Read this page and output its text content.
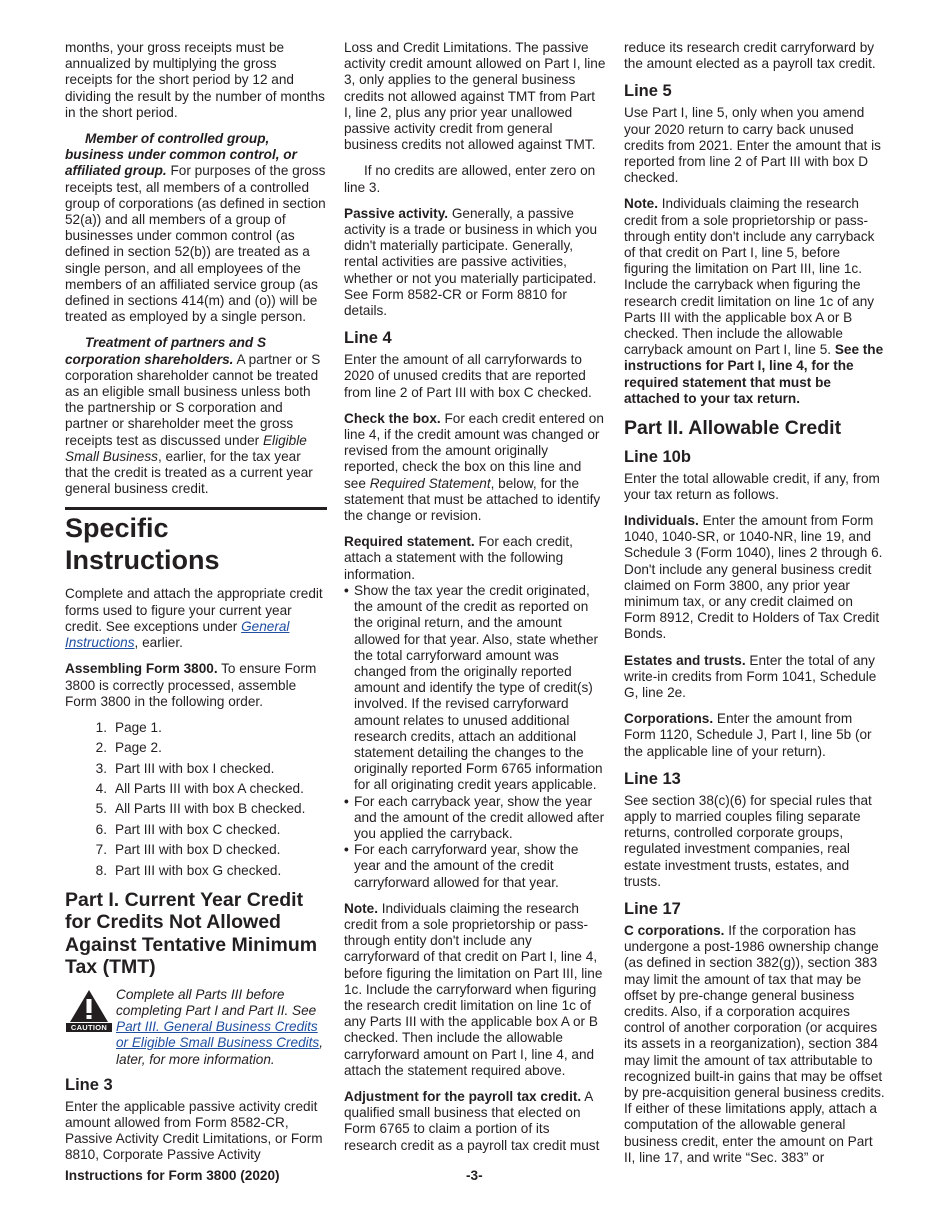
months, your gross receipts must be annualized by multiplying the gross receipts for the short period by 12 and dividing the result by the number of months in the short period.

Member of controlled group, business under common control, or affiliated group. For purposes of the gross receipts test, all members of a controlled group of corporations (as defined in section 52(a)) and all members of a group of businesses under common control (as defined in section 52(b)) are treated as a single person, and all employees of the members of an affiliated service group (as defined in sections 414(m) and (o)) will be treated as employed by a single person.

Treatment of partners and S corporation shareholders. A partner or S corporation shareholder cannot be treated as an eligible small business unless both the partnership or S corporation and partner or shareholder meet the gross receipts test as discussed under Eligible Small Business, earlier, for the tax year that the credit is treated as a current year general business credit.

Specific Instructions

Complete and attach the appropriate credit forms used to figure your current year credit. See exceptions under General Instructions, earlier.

Assembling Form 3800. To ensure Form 3800 is correctly processed, assemble Form 3800 in the following order.

1. Page 1.
2. Page 2.
3. Part III with box I checked.
4. All Parts III with box A checked.
5. All Parts III with box B checked.
6. Part III with box C checked.
7. Part III with box D checked.
8. Part III with box G checked.
Part I. Current Year Credit for Credits Not Allowed Against Tentative Minimum Tax (TMT)
CAUTION
Complete all Parts III before completing Part I and Part II. See Part III. General Business Credits or Eligible Small Business Credits, later, for more information.
Line 3

Enter the applicable passive activity credit amount allowed from Form 8582-CR, Passive Activity Credit Limitations, or Form 8810, Corporate Passive Activity

Loss and Credit Limitations. The passive activity credit amount allowed on Part I, line 3, only applies to the general business credits not allowed against TMT from Part I, line 2, plus any prior year unallowed passive activity credit from general business credits not allowed against TMT.

If no credits are allowed, enter zero on line 3.

Passive activity. Generally, a passive activity is a trade or business in which you didn't materially participate. Generally, rental activities are passive activities, whether or not you materially participated. See Form 8582-CR or Form 8810 for details.

Line 4

Enter the amount of all carryforwards to 2020 of unused credits that are reported from line 2 of Part III with box C checked.

Check the box. For each credit entered on line 4, if the credit amount was changed or revised from the amount originally reported, check the box on this line and see Required Statement, below, for the statement that must be attached to identify the change or revision.

Required statement. For each credit, attach a statement with the following information.

• Show the tax year the credit originated, the amount of the credit as reported on the original return, and the amount allowed for that year. Also, state whether the total carryforward amount was changed from the originally reported amount and identify the type of credit(s) involved. If the revised carryforward amount relates to unused additional research credits, attach an additional statement detailing the changes to the originally reported Form 6765 information for all originating credit years applicable.
• For each carryback year, show the year and the amount of the credit allowed after you applied the carryback.
• For each carryforward year, show the year and the amount of the credit carryforward allowed for that year.

Note. Individuals claiming the research credit from a sole proprietorship or pass-through entity don't include any carryforward of that credit on Part I, line 4, before figuring the limitation on Part III, line 1c. Include the carryforward when figuring the research credit limitation on line 1c of any Parts III with the applicable box A or B checked. Then include the allowable carryforward amount on Part I, line 4, and attach the statement required above.

Adjustment for the payroll tax credit. A qualified small business that elected on Form 6765 to claim a portion of its research credit as a payroll tax credit must

reduce its research credit carryforward by the amount elected as a payroll tax credit.

Line 5

Use Part I, line 5, only when you amend your 2020 return to carry back unused credits from 2021. Enter the amount that is reported from line 2 of Part III with box D checked.

Note. Individuals claiming the research credit from a sole proprietorship or pass-through entity don't include any carryback of that credit on Part I, line 5, before figuring the limitation on Part III, line 1c. Include the carryback when figuring the research credit limitation on line 1c of any Parts III with the applicable box A or B checked. Then include the allowable carryback amount on Part I, line 5. See the instructions for Part I, line 4, for the required statement that must be attached to your tax return.

Part II. Allowable Credit
Line 10b

Enter the total allowable credit, if any, from your tax return as follows.

Individuals. Enter the amount from Form 1040, 1040-SR, or 1040-NR, line 19, and Schedule 3 (Form 1040), lines 2 through 6. Don't include any general business credit claimed on Form 3800, any prior year minimum tax, or any credit claimed on Form 8912, Credit to Holders of Tax Credit Bonds.

Estates and trusts. Enter the total of any write-in credits from Form 1041, Schedule G, line 2e.

Corporations. Enter the amount from Form 1120, Schedule J, Part I, line 5b (or the applicable line of your return).

Line 13

See section 38(c)(6) for special rules that apply to married couples filing separate returns, controlled corporate groups, regulated investment companies, real estate investment trusts, estates, and trusts.

Line 17

C corporations. If the corporation has undergone a post-1986 ownership change (as defined in section 382(g)), section 383 may limit the amount of tax that may be offset by pre-change general business credits. Also, if a corporation acquires control of another corporation (or acquires its assets in a reorganization), section 384 may limit the amount of tax attributable to recognized built-in gains that may be offset by pre-acquisition general business credits. If either of these limitations apply, attach a computation of the allowable general business credit, enter the amount on Part II, line 17, and write “Sec. 383” or

Instructions for Form 3800 (2020)	-3-
